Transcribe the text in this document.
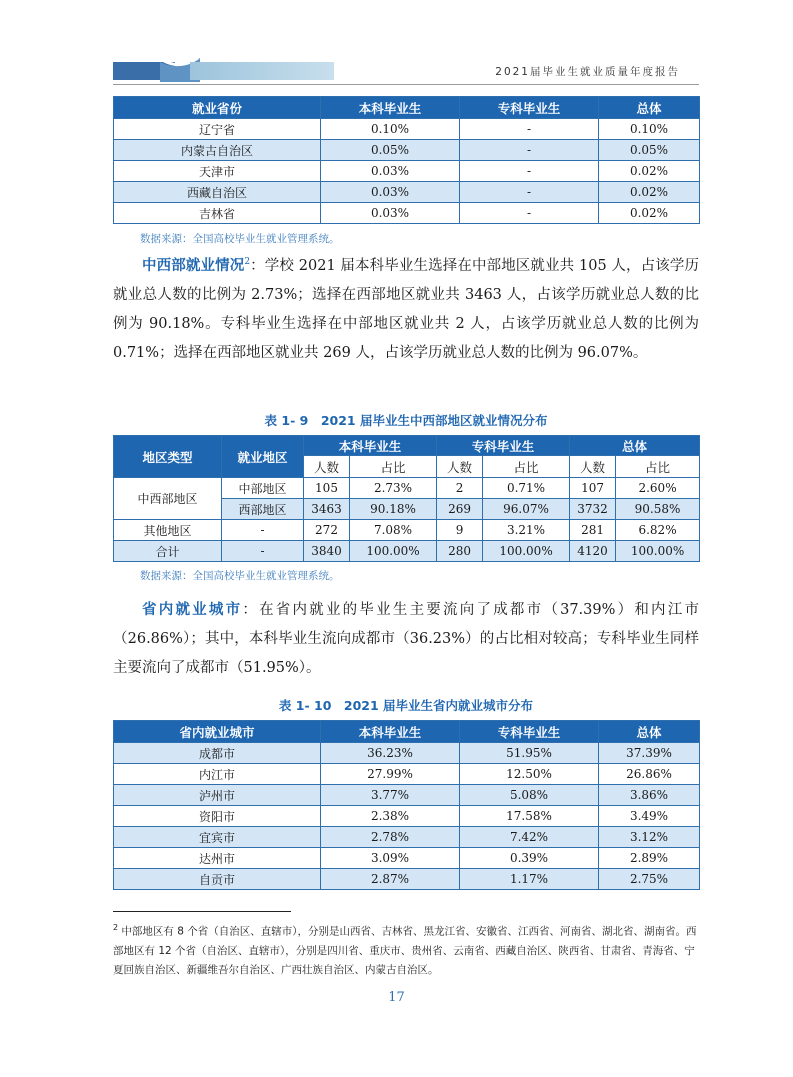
2021届毕业生就业质量年度报告
就业省份	本科毕业生	专科毕业生	总体
辽宁省	0.10%	-	0.10%
内蒙古自治区	0.05%	-	0.05%
天津市	0.03%	-	0.02%
西藏自治区	0.03%	-	0.02%
吉林省	0.03%	-	0.02%
数据来源：全国高校毕业生就业管理系统。

中西部就业情况$^2$：学校 2021 届本科毕业生选择在中部地区就业共 105 人，占该学历就业总人数的比例为 2.73%；选择在西部地区就业共 3463 人，占该学历就业总人数的比例为 90.18%。专科毕业生选择在中部地区就业共 2 人，占该学历就业总人数的比例为 0.71%；选择在西部地区就业共 269 人，占该学历就业总人数的比例为 96.07%。

表 1- 9　2021 届毕业生中西部地区就业情况分布
地区类型	就业地区	本科毕业生		专科毕业生		总体	
		人数	占比	人数	占比	人数	占比
中西部地区	中部地区	105	2.73%	2	0.71%	107	2.60%
	西部地区	3463	90.18%	269	96.07%	3732	90.58%
其他地区	-	272	7.08%	9	3.21%	281	6.82%
合计	-	3840	100.00%	280	100.00%	4120	100.00%
数据来源：全国高校毕业生就业管理系统。

省内就业城市：在省内就业的毕业生主要流向了成都市（37.39%）和内江市（26.86%）；其中，本科毕业生流向成都市（36.23%）的占比相对较高；专科毕业生同样主要流向了成都市（51.95%）。

表 1- 10　2021 届毕业生省内就业城市分布
省内就业城市	本科毕业生	专科毕业生	总体
成都市	36.23%	51.95%	37.39%
内江市	27.99%	12.50%	26.86%
泸州市	3.77%	5.08%	3.86%
资阳市	2.38%	17.58%	3.49%
宜宾市	2.78%	7.42%	3.12%
达州市	3.09%	0.39%	2.89%
自贡市	2.87%	1.17%	2.75%

$^2$ 中部地区有 8 个省（自治区、直辖市），分别是山西省、吉林省、黑龙江省、安徽省、江西省、河南省、湖北省、湖南省。西部地区有 12 个省（自治区、直辖市），分别是四川省、重庆市、贵州省、云南省、西藏自治区、陕西省、甘肃省、青海省、宁夏回族自治区、新疆维吾尔自治区、广西壮族自治区、内蒙古自治区。

17
